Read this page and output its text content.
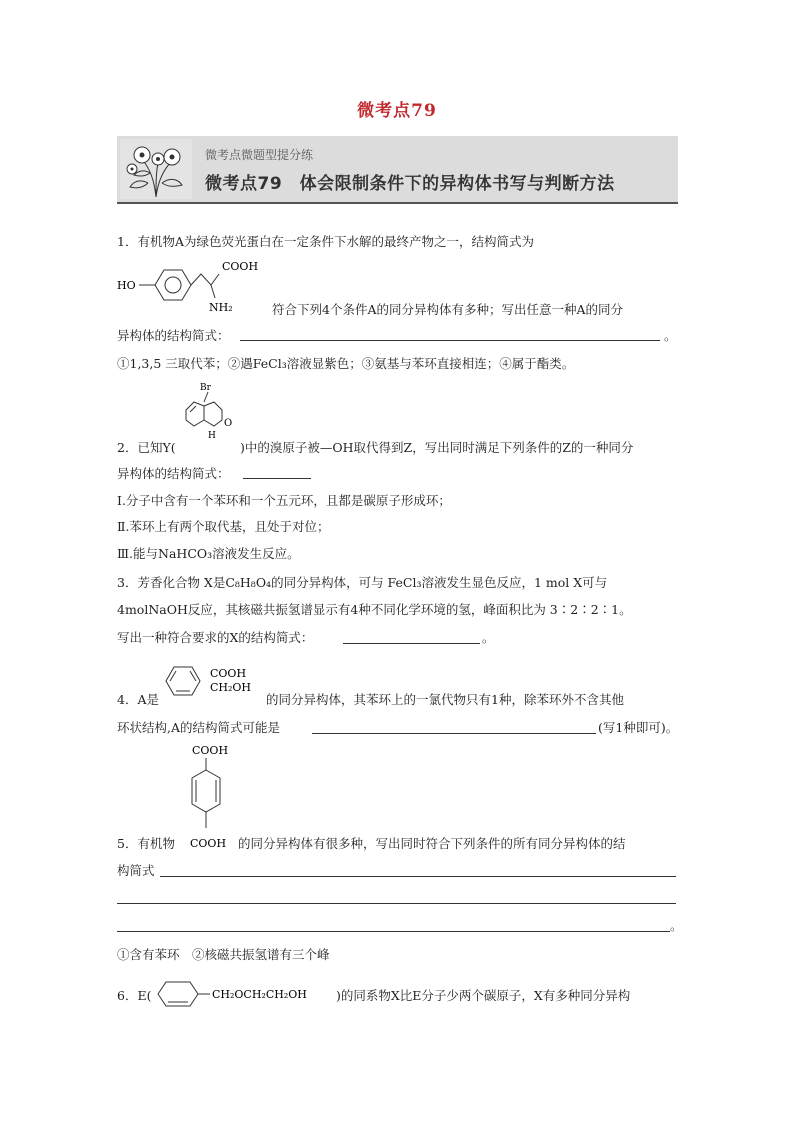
微考点79
微考点微题型提分练
微考点79　体会限制条件下的异构体书写与判断方法
1．有机物A为绿色荧光蛋白在一定条件下水解的最终产物之一，结构简式为
HO
COOH
NH₂	符合下列4个条件A的同分异构体有多种；写出任意一种A的同分
异构体的结构简式：	。
①1,3,5 三取代苯；②遇FeCl₃溶液显紫色；③氨基与苯环直接相连；④属于酯类。
Br
H
O
2．已知Y(	)中的溴原子被—OH取代得到Z，写出同时满足下列条件的Z的一种同分
异构体的结构简式：
Ⅰ.分子中含有一个苯环和一个五元环，且都是碳原子形成环；
Ⅱ.苯环上有两个取代基，且处于对位；
Ⅲ.能与NaHCO₃溶液发生反应。
3．芳香化合物 X是C₈H₈O₄的同分异构体，可与 FeCl₃溶液发生显色反应，1 mol X可与
4molNaOH反应，其核磁共振氢谱显示有4种不同化学环境的氢，峰面积比为 3∶2∶2∶1。
写出一种符合要求的X的结构简式：	。
COOH
CH₂OH
4．A是	的同分异构体，其苯环上的一氯代物只有1种，除苯环外不含其他
环状结构,A的结构简式可能是	(写1种即可)。
COOH
5．有机物 COOH 的同分异构体有很多种，写出同时符合下列条件的所有同分异构体的结
构简式
。
①含有苯环　②核磁共振氢谱有三个峰
6．E(	CH₂OCH₂CH₂OH )的同系物X比E分子少两个碳原子，X有多种同分异构
